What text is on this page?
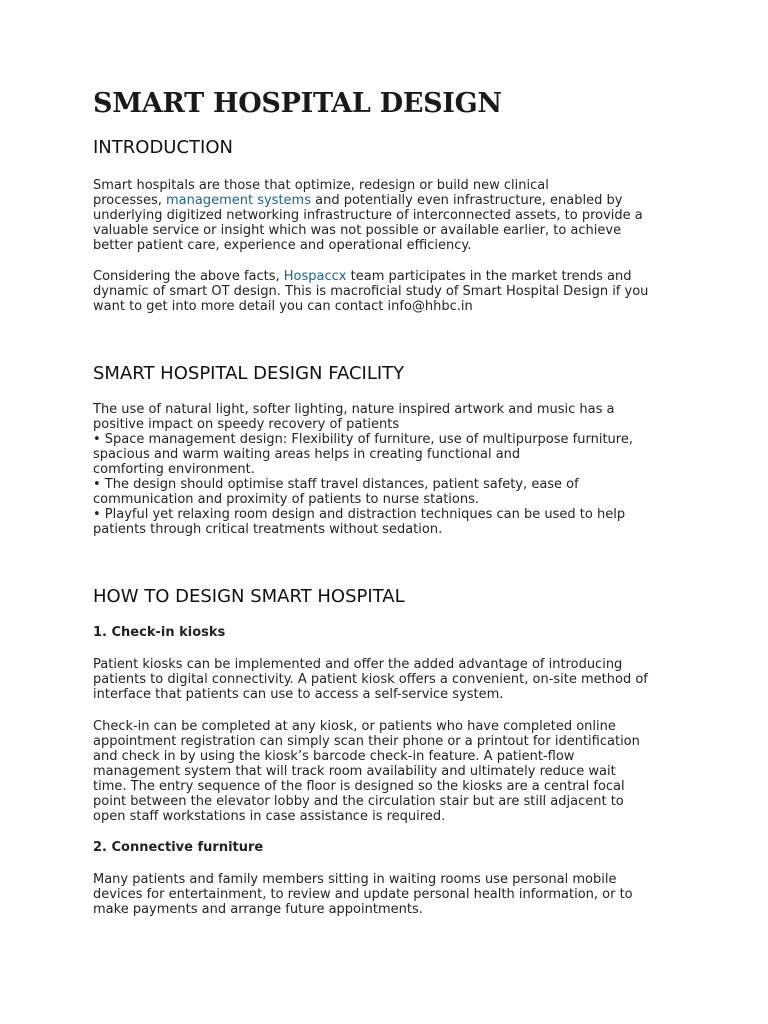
SMART HOSPITAL DESIGN
INTRODUCTION
Smart hospitals are those that optimize, redesign or build new clinical
processes, management systems and potentially even infrastructure, enabled by
underlying digitized networking infrastructure of interconnected assets, to provide a
valuable service or insight which was not possible or available earlier, to achieve
better patient care, experience and operational efficiency.
Considering the above facts, Hospaccx team participates in the market trends and
dynamic of smart OT design. This is macroficial study of Smart Hospital Design if you
want to get into more detail you can contact info@hhbc.in
SMART HOSPITAL DESIGN FACILITY
The use of natural light, softer lighting, nature inspired artwork and music has a
positive impact on speedy recovery of patients
• Space management design: Flexibility of furniture, use of multipurpose furniture,
spacious and warm waiting areas helps in creating functional and
comforting environment.
• The design should optimise staff travel distances, patient safety, ease of
communication and proximity of patients to nurse stations.
• Playful yet relaxing room design and distraction techniques can be used to help
patients through critical treatments without sedation.
HOW TO DESIGN SMART HOSPITAL
1. Check-in kiosks
Patient kiosks can be implemented and offer the added advantage of introducing
patients to digital connectivity. A patient kiosk offers a convenient, on-site method of
interface that patients can use to access a self-service system.
Check-in can be completed at any kiosk, or patients who have completed online
appointment registration can simply scan their phone or a printout for identification
and check in by using the kiosk’s barcode check-in feature. A patient-flow
management system that will track room availability and ultimately reduce wait
time. The entry sequence of the floor is designed so the kiosks are a central focal
point between the elevator lobby and the circulation stair but are still adjacent to
open staff workstations in case assistance is required.
2. Connective furniture
Many patients and family members sitting in waiting rooms use personal mobile
devices for entertainment, to review and update personal health information, or to
make payments and arrange future appointments.
